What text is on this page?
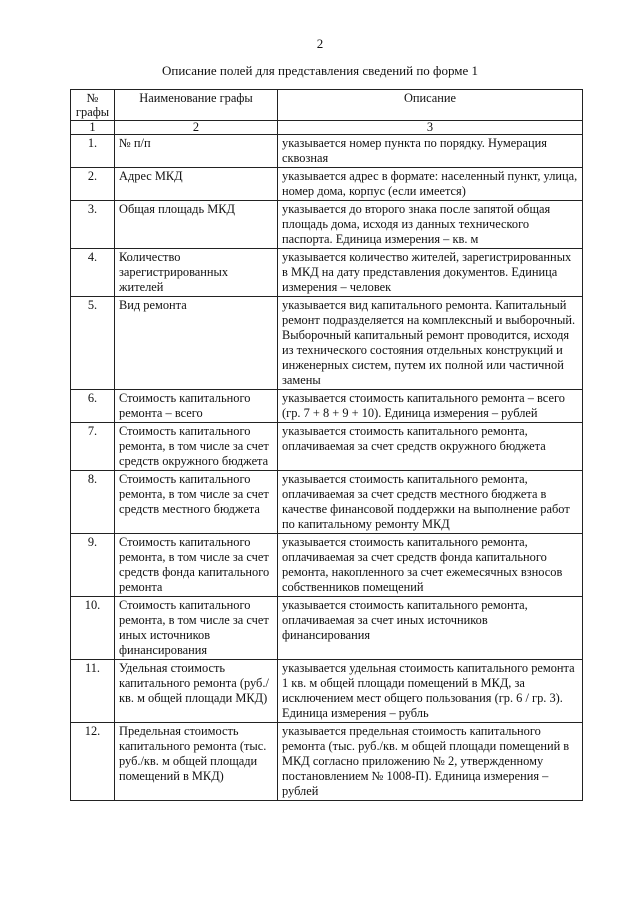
2
Описание полей для представления сведений по форме 1
№ графы	Наименование графы	Описание
1	2	3
1.	№ п/п	указывается номер пункта по порядку. Нумерация сквозная
2.	Адрес МКД	указывается адрес в формате: населенный пункт, улица, номер дома, корпус (если имеется)
3.	Общая площадь МКД	указывается до второго знака после запятой общая площадь дома, исходя из данных технического паспорта. Единица измерения – кв. м
4.	Количество зарегистрированных жителей	указывается количество жителей, зарегистрированных в МКД на дату представления документов. Единица измерения – человек
5.	Вид ремонта	указывается вид капитального ремонта. Капитальный ремонт подразделяется на комплексный и выборочный. Выборочный капитальный ремонт проводится, исходя из технического состояния отдельных конструкций и инженерных систем, путем их полной или частичной замены
6.	Стоимость капитального ремонта – всего	указывается стоимость капитального ремонта – всего (гр. 7 + 8 + 9 + 10). Единица измерения – рублей
7.	Стоимость капитального ремонта, в том числе за счет средств окружного бюджета	указывается стоимость капитального ремонта, оплачиваемая за счет средств окружного бюджета
8.	Стоимость капитального ремонта, в том числе за счет средств местного бюджета	указывается стоимость капитального ремонта, оплачиваемая за счет средств местного бюджета в качестве финансовой поддержки на выполнение работ по капитальному ремонту МКД
9.	Стоимость капитального ремонта, в том числе за счет средств фонда капитального ремонта	указывается стоимость капитального ремонта, оплачиваемая за счет средств фонда капитального ремонта, накопленного за счет ежемесячных взносов собственников помещений
10.	Стоимость капитального ремонта, в том числе за счет иных источников финансирования	указывается стоимость капитального ремонта, оплачиваемая за счет иных источников финансирования
11.	Удельная стоимость капитального ремонта (руб./кв. м общей площади МКД)	указывается удельная стоимость капитального ремонта 1 кв. м общей площади помещений в МКД, за исключением мест общего пользования (гр. 6 / гр. 3). Единица измерения – рубль
12.	Предельная стоимость капитального ремонта (тыс. руб./кв. м общей площади помещений в МКД)	указывается предельная стоимость капитального ремонта (тыс. руб./кв. м общей площади помещений в МКД согласно приложению № 2, утвержденному постановлением № 1008-П). Единица измерения – рублей
